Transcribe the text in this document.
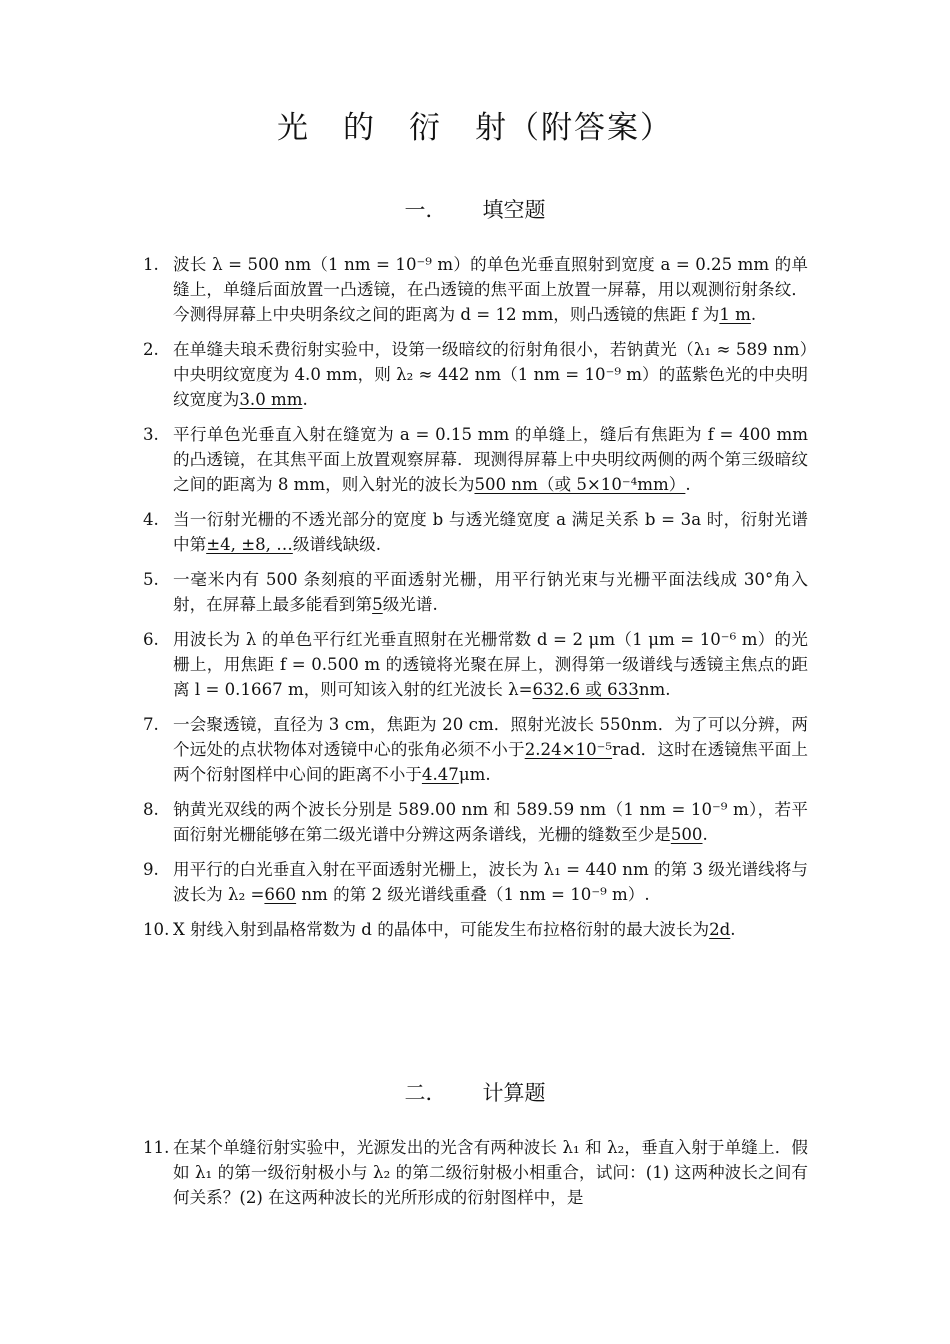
光　的　衍　射（附答案）
一． 填空题
1. 波长 λ = 500 nm（1 nm = 10⁻⁹ m）的单色光垂直照射到宽度 a = 0.25 mm 的单缝上，单缝后面放置一凸透镜，在凸透镜的焦平面上放置一屏幕，用以观测衍射条纹．今测得屏幕上中央明条纹之间的距离为 d = 12 mm，则凸透镜的焦距 f 为1 m.
2. 在单缝夫琅禾费衍射实验中，设第一级暗纹的衍射角很小，若钠黄光（λ₁ ≈ 589 nm）中央明纹宽度为 4.0 mm，则 λ₂ ≈ 442 nm（1 nm = 10⁻⁹ m）的蓝紫色光的中央明纹宽度为3.0 mm.
3. 平行单色光垂直入射在缝宽为 a = 0.15 mm 的单缝上，缝后有焦距为 f = 400 mm 的凸透镜，在其焦平面上放置观察屏幕．现测得屏幕上中央明纹两侧的两个第三级暗纹之间的距离为 8 mm，则入射光的波长为500 nm（或 5×10⁻⁴mm）.
4. 当一衍射光栅的不透光部分的宽度 b 与透光缝宽度 a 满足关系 b = 3a 时，衍射光谱中第±4, ±8, …级谱线缺级.
5. 一毫米内有 500 条刻痕的平面透射光栅，用平行钠光束与光栅平面法线成 30°角入射，在屏幕上最多能看到第5级光谱.
6. 用波长为 λ 的单色平行红光垂直照射在光栅常数 d = 2 μm（1 μm = 10⁻⁶ m）的光栅上，用焦距 f = 0.500 m 的透镜将光聚在屏上，测得第一级谱线与透镜主焦点的距离 l = 0.1667 m，则可知该入射的红光波长 λ=632.6 或 633nm.
7. 一会聚透镜，直径为 3 cm，焦距为 20 cm．照射光波长 550nm．为了可以分辨，两个远处的点状物体对透镜中心的张角必须不小于2.24×10⁻⁵rad．这时在透镜焦平面上两个衍射图样中心间的距离不小于4.47μm.
8. 钠黄光双线的两个波长分别是 589.00 nm 和 589.59 nm（1 nm = 10⁻⁹ m），若平面衍射光栅能够在第二级光谱中分辨这两条谱线，光栅的缝数至少是500.
9. 用平行的白光垂直入射在平面透射光栅上，波长为 λ₁ = 440 nm 的第 3 级光谱线将与波长为 λ₂ =660 nm 的第 2 级光谱线重叠（1 nm = 10⁻⁹ m）.
10. X 射线入射到晶格常数为 d 的晶体中，可能发生布拉格衍射的最大波长为2d.
二． 计算题
11. 在某个单缝衍射实验中，光源发出的光含有两种波长 λ₁ 和 λ₂，垂直入射于单缝上．假如 λ₁ 的第一级衍射极小与 λ₂ 的第二级衍射极小相重合，试问：(1) 这两种波长之间有何关系？(2) 在这两种波长的光所形成的衍射图样中，是
